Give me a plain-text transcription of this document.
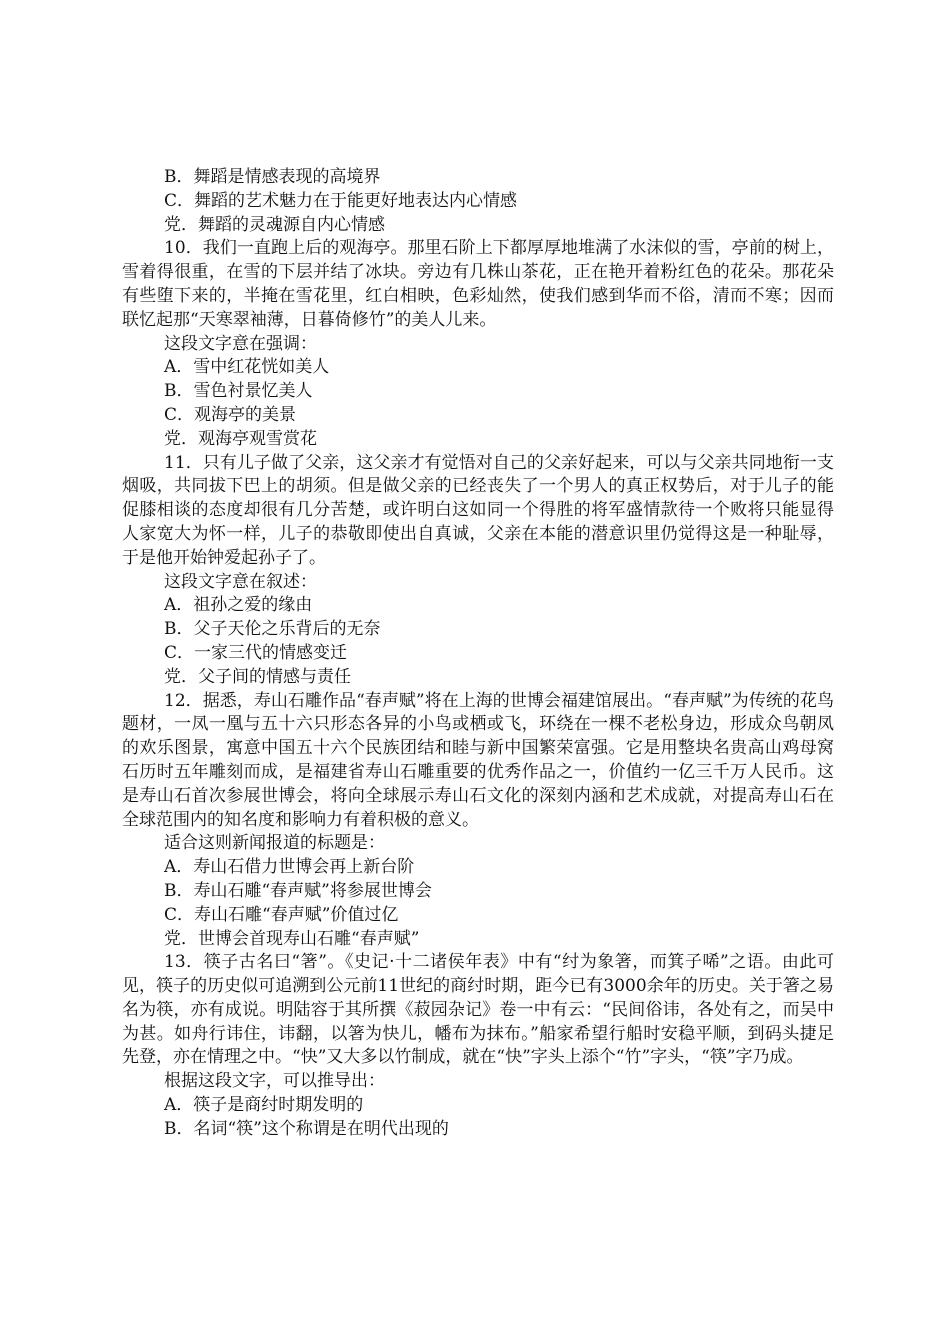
B．舞蹈是情感表现的高境界
C．舞蹈的艺术魅力在于能更好地表达内心情感
党．舞蹈的灵魂源自内心情感
10．我们一直跑上后的观海亭。那里石阶上下都厚厚地堆满了水沫似的雪，亭前的树上，雪着得很重，在雪的下层并结了冰块。旁边有几株山茶花，正在艳开着粉红色的花朵。那花朵有些堕下来的，半掩在雪花里，红白相映，色彩灿然，使我们感到华而不俗，清而不寒；因而联忆起那“天寒翠袖薄，日暮倚修竹”的美人儿来。
这段文字意在强调：
A．雪中红花恍如美人
B．雪色衬景忆美人
C．观海亭的美景
党．观海亭观雪赏花
11．只有儿子做了父亲，这父亲才有觉悟对自己的父亲好起来，可以与父亲共同地衔一支烟吸，共同拔下巴上的胡须。但是做父亲的已经丧失了一个男人的真正权势后，对于儿子的能促膝相谈的态度却很有几分苦楚，或许明白这如同一个得胜的将军盛情款待一个败将只能显得人家宽大为怀一样，儿子的恭敬即使出自真诚，父亲在本能的潜意识里仍觉得这是一种耻辱，于是他开始钟爱起孙子了。
这段文字意在叙述：
A．祖孙之爱的缘由
B．父子天伦之乐背后的无奈
C．一家三代的情感变迁
党．父子间的情感与责任
12．据悉，寿山石雕作品“春声赋”将在上海的世博会福建馆展出。“春声赋”为传统的花鸟题材，一凤一凰与五十六只形态各异的小鸟或栖或飞，环绕在一棵不老松身边，形成众鸟朝凤的欢乐图景，寓意中国五十六个民族团结和睦与新中国繁荣富强。它是用整块名贵高山鸡母窝石历时五年雕刻而成，是福建省寿山石雕重要的优秀作品之一，价值约一亿三千万人民币。这是寿山石首次参展世博会，将向全球展示寿山石文化的深刻内涵和艺术成就，对提高寿山石在全球范围内的知名度和影响力有着积极的意义。
适合这则新闻报道的标题是：
A．寿山石借力世博会再上新台阶
B．寿山石雕“春声赋”将参展世博会
C．寿山石雕“春声赋”价值过亿
党．世博会首现寿山石雕“春声赋”
13．筷子古名曰“箸”。《史记·十二诸侯年表》中有“纣为象箸，而箕子唏”之语。由此可见，筷子的历史似可追溯到公元前11世纪的商纣时期，距今已有3000余年的历史。关于箸之易名为筷，亦有成说。明陆容于其所撰《菽园杂记》卷一中有云：“民间俗讳，各处有之，而吴中为甚。如舟行讳住，讳翻，以箸为快儿，幡布为抹布。”船家希望行船时安稳平顺，到码头捷足先登，亦在情理之中。“快”又大多以竹制成，就在“快”字头上添个“竹”字头，“筷”字乃成。
根据这段文字，可以推导出：
A．筷子是商纣时期发明的
B．名词“筷”这个称谓是在明代出现的
